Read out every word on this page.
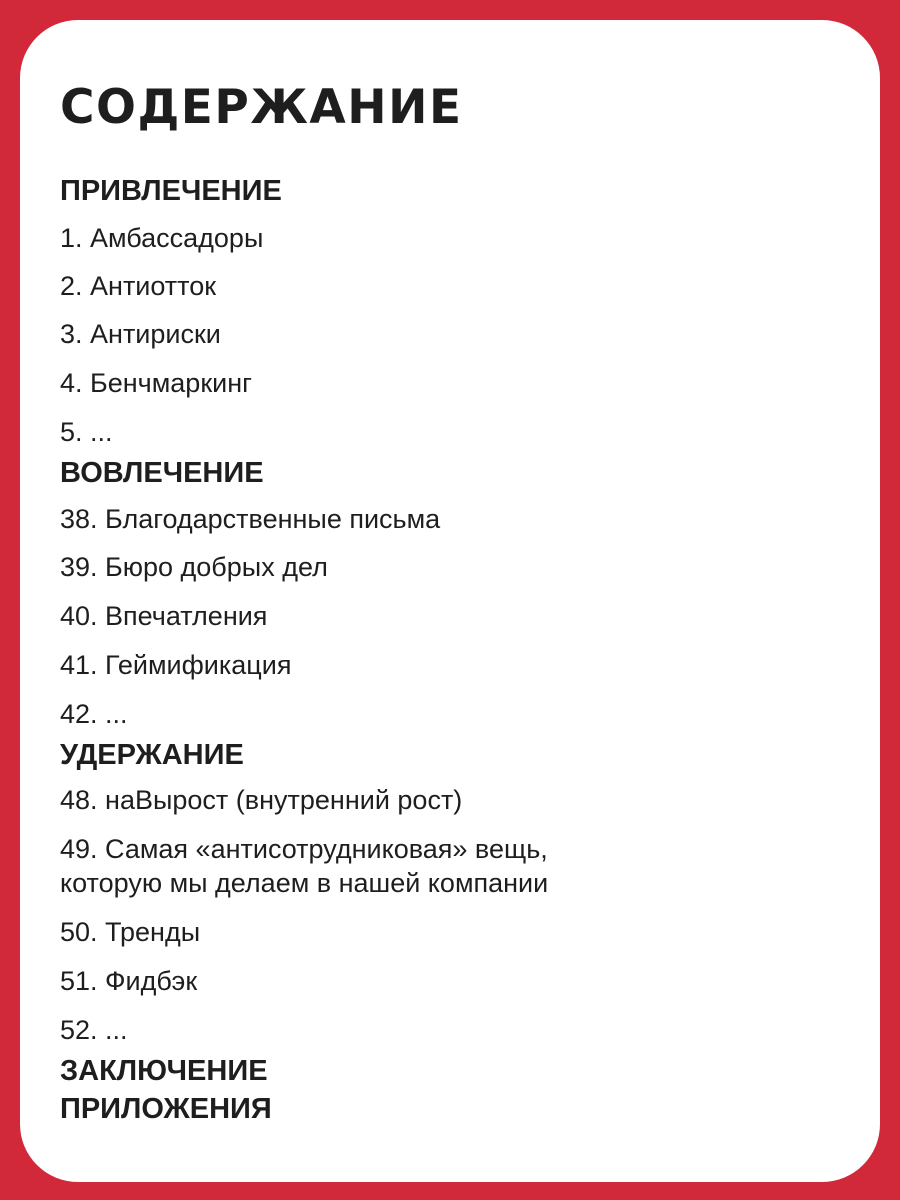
СОДЕРЖАНИЕ
ПРИВЛЕЧЕНИЕ
1. Амбассадоры
2. Антиотток
3. Антириски
4. Бенчмаркинг
5. ...
ВОВЛЕЧЕНИЕ
38. Благодарственные письма
39. Бюро добрых дел
40. Впечатления
41. Геймификация
42. ...
УДЕРЖАНИЕ
48. наВырост (внутренний рост)
49. Самая «антисотрудниковая» вещь,
которую мы делаем в нашей компании
50. Тренды
51. Фидбэк
52. ...
ЗАКЛЮЧЕНИЕ
ПРИЛОЖЕНИЯ
